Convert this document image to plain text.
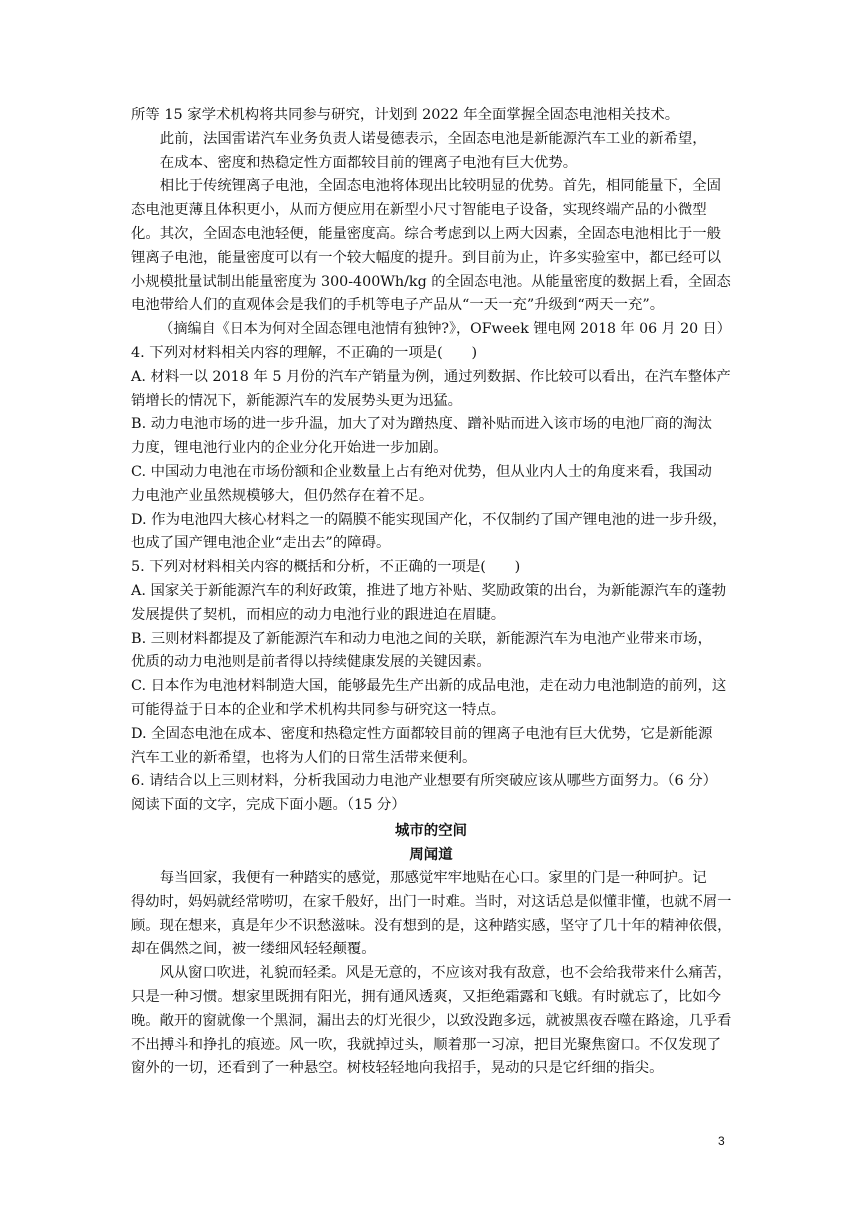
所等 15 家学术机构将共同参与研究，计划到 2022 年全面掌握全固态电池相关技术。
此前，法国雷诺汽车业务负责人诺曼德表示，全固态电池是新能源汽车工业的新希望，
在成本、密度和热稳定性方面都较目前的锂离子电池有巨大优势。
相比于传统锂离子电池，全固态电池将体现出比较明显的优势。首先，相同能量下，全固
态电池更薄且体积更小，从而方便应用在新型小尺寸智能电子设备，实现终端产品的小微型
化。其次，全固态电池轻便，能量密度高。综合考虑到以上两大因素，全固态电池相比于一般
锂离子电池，能量密度可以有一个较大幅度的提升。到目前为止，许多实验室中，都已经可以
小规模批量试制出能量密度为 300-400Wh/kg 的全固态电池。从能量密度的数据上看，全固态
电池带给人们的直观体会是我们的手机等电子产品从“一天一充”升级到“两天一充”。
（摘编自《日本为何对全固态锂电池情有独钟?》，OFweek 锂电网 2018 年 06 月 20 日）
4. 下列对材料相关内容的理解，不正确的一项是(　　)
A. 材料一以 2018 年 5 月份的汽车产销量为例，通过列数据、作比较可以看出，在汽车整体产
销增长的情况下，新能源汽车的发展势头更为迅猛。
B. 动力电池市场的进一步升温，加大了对为蹭热度、蹭补贴而进入该市场的电池厂商的淘汰
力度，锂电池行业内的企业分化开始进一步加剧。
C. 中国动力电池在市场份额和企业数量上占有绝对优势，但从业内人士的角度来看，我国动
力电池产业虽然规模够大，但仍然存在着不足。
D. 作为电池四大核心材料之一的隔膜不能实现国产化，不仅制约了国产锂电池的进一步升级，
也成了国产锂电池企业“走出去”的障碍。
5. 下列对材料相关内容的概括和分析，不正确的一项是(　　)
A. 国家关于新能源汽车的利好政策，推进了地方补贴、奖励政策的出台，为新能源汽车的蓬勃
发展提供了契机，而相应的动力电池行业的跟进迫在眉睫。
B. 三则材料都提及了新能源汽车和动力电池之间的关联，新能源汽车为电池产业带来市场，
优质的动力电池则是前者得以持续健康发展的关键因素。
C. 日本作为电池材料制造大国，能够最先生产出新的成品电池，走在动力电池制造的前列，这
可能得益于日本的企业和学术机构共同参与研究这一特点。
D. 全固态电池在成本、密度和热稳定性方面都较目前的锂离子电池有巨大优势，它是新能源
汽车工业的新希望，也将为人们的日常生活带来便利。
6. 请结合以上三则材料，分析我国动力电池产业想要有所突破应该从哪些方面努力。（6 分）
阅读下面的文字，完成下面小题。（15 分）
城市的空间
周闻道
每当回家，我便有一种踏实的感觉，那感觉牢牢地贴在心口。家里的门是一种呵护。记
得幼时，妈妈就经常唠叨，在家千般好，出门一时难。当时，对这话总是似懂非懂，也就不屑一
顾。现在想来，真是年少不识愁滋味。没有想到的是，这种踏实感，坚守了几十年的精神依偎，
却在偶然之间，被一缕细风轻轻颠覆。
风从窗口吹进，礼貌而轻柔。风是无意的，不应该对我有敌意，也不会给我带来什么痛苦，
只是一种习惯。想家里既拥有阳光，拥有通风透爽，又拒绝霜露和飞蛾。有时就忘了，比如今
晚。敞开的窗就像一个黑洞，漏出去的灯光很少，以致没跑多远，就被黑夜吞噬在路途，几乎看
不出搏斗和挣扎的痕迹。风一吹，我就掉过头，顺着那一习凉，把目光聚焦窗口。不仅发现了
窗外的一切，还看到了一种悬空。树枝轻轻地向我招手，晃动的只是它纤细的指尖。
3
